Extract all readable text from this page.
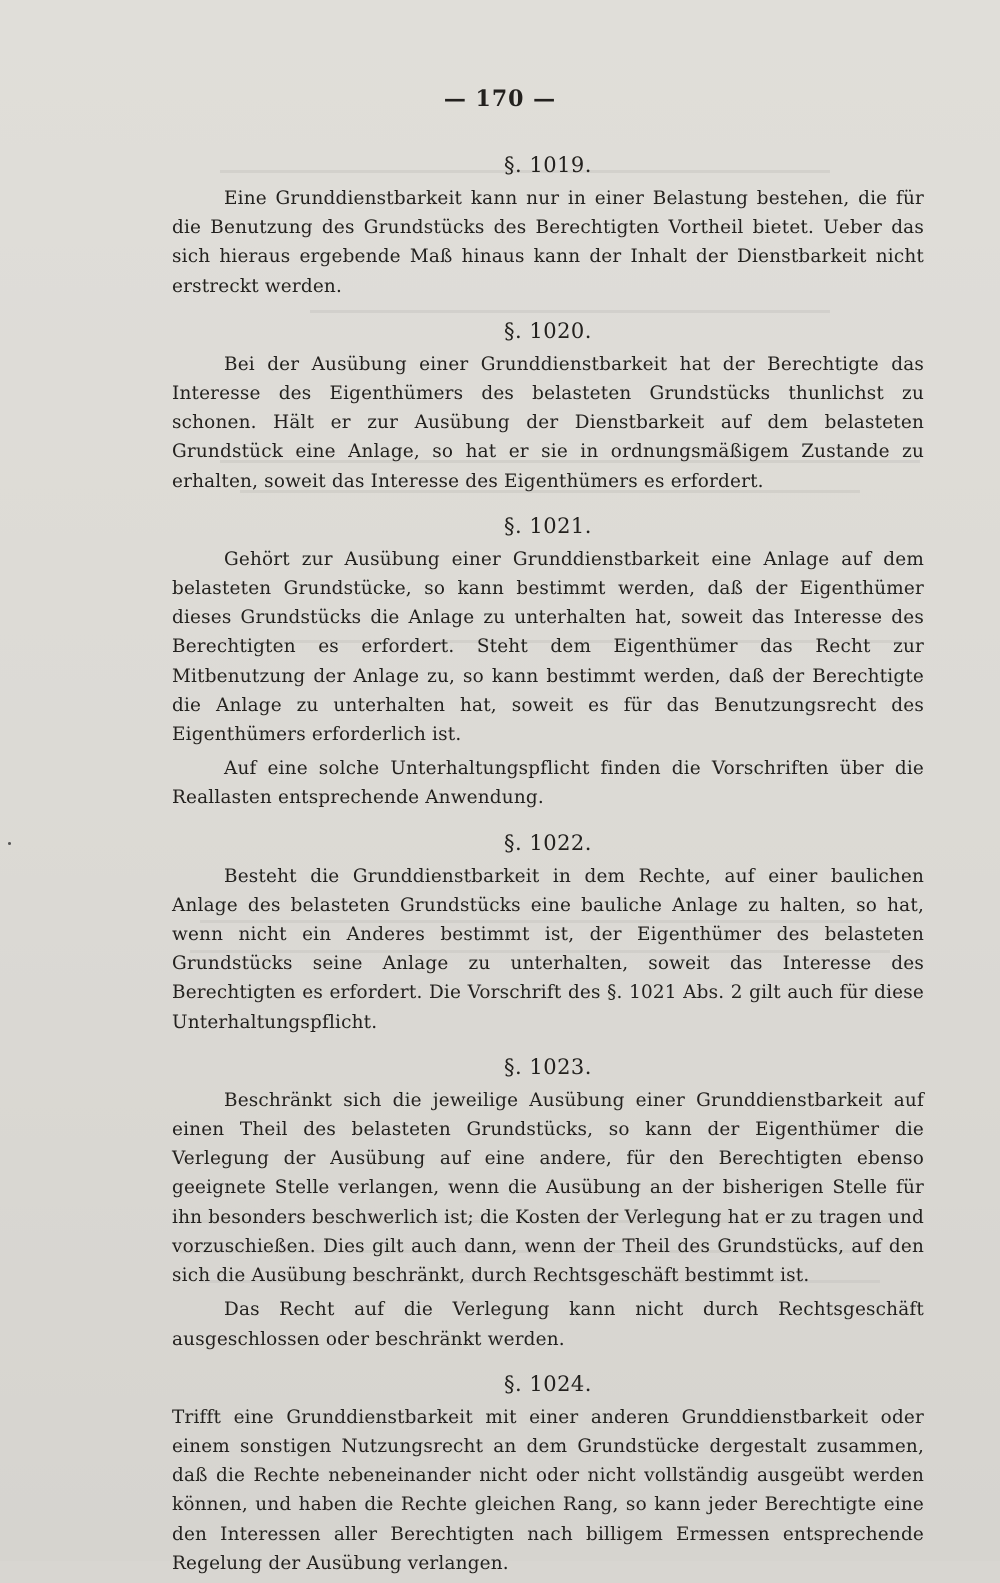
— 170 —
§. 1019.

Eine Grunddienstbarkeit kann nur in einer Belastung bestehen, die für die Benutzung des Grundstücks des Berechtigten Vortheil bietet. Ueber das sich hieraus ergebende Maß hinaus kann der Inhalt der Dienstbarkeit nicht erstreckt werden.

§. 1020.

Bei der Ausübung einer Grunddienstbarkeit hat der Berechtigte das Interesse des Eigenthümers des belasteten Grundstücks thunlichst zu schonen. Hält er zur Ausübung der Dienstbarkeit auf dem belasteten Grundstück eine Anlage, so hat er sie in ordnungsmäßigem Zustande zu erhalten, soweit das Interesse des Eigenthümers es erfordert.

§. 1021.

Gehört zur Ausübung einer Grunddienstbarkeit eine Anlage auf dem belasteten Grundstücke, so kann bestimmt werden, daß der Eigenthümer dieses Grundstücks die Anlage zu unterhalten hat, soweit das Interesse des Berechtigten es erfordert. Steht dem Eigenthümer das Recht zur Mitbenutzung der Anlage zu, so kann bestimmt werden, daß der Berechtigte die Anlage zu unterhalten hat, soweit es für das Benutzungsrecht des Eigenthümers erforderlich ist.

Auf eine solche Unterhaltungspflicht finden die Vorschriften über die Reallasten entsprechende Anwendung.

§. 1022.

Besteht die Grunddienstbarkeit in dem Rechte, auf einer baulichen Anlage des belasteten Grundstücks eine bauliche Anlage zu halten, so hat, wenn nicht ein Anderes bestimmt ist, der Eigenthümer des belasteten Grundstücks seine Anlage zu unterhalten, soweit das Interesse des Berechtigten es erfordert. Die Vorschrift des §. 1021 Abs. 2 gilt auch für diese Unterhaltungspflicht.

§. 1023.

Beschränkt sich die jeweilige Ausübung einer Grunddienstbarkeit auf einen Theil des belasteten Grundstücks, so kann der Eigenthümer die Verlegung der Ausübung auf eine andere, für den Berechtigten ebenso geeignete Stelle verlangen, wenn die Ausübung an der bisherigen Stelle für ihn besonders beschwerlich ist; die Kosten der Verlegung hat er zu tragen und vorzuschießen. Dies gilt auch dann, wenn der Theil des Grundstücks, auf den sich die Ausübung beschränkt, durch Rechtsgeschäft bestimmt ist.

Das Recht auf die Verlegung kann nicht durch Rechtsgeschäft ausgeschlossen oder beschränkt werden.

§. 1024.

Trifft eine Grunddienstbarkeit mit einer anderen Grunddienstbarkeit oder einem sonstigen Nutzungsrecht an dem Grundstücke dergestalt zusammen, daß die Rechte nebeneinander nicht oder nicht vollständig ausgeübt werden können, und haben die Rechte gleichen Rang, so kann jeder Berechtigte eine den Interessen aller Berechtigten nach billigem Ermessen entsprechende Regelung der Ausübung verlangen.
